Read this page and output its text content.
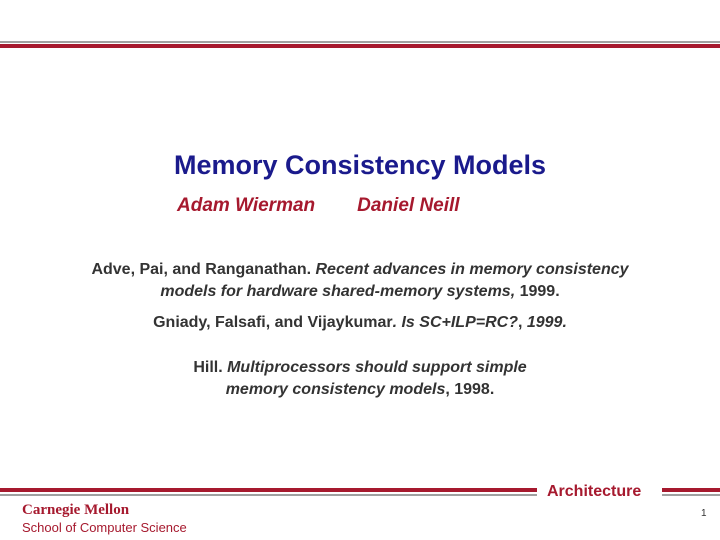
Memory Consistency Models
Adam Wierman Daniel Neill
Adve, Pai, and Ranganathan. Recent advances in memory consistency
models for hardware shared-memory systems, 1999.
Gniady, Falsafi, and Vijaykumar. Is SC+ILP=RC?, 1999.
Hill. Multiprocessors should support simple
memory consistency models, 1998.
Architecture
Carnegie Mellon
School of Computer Science
1
